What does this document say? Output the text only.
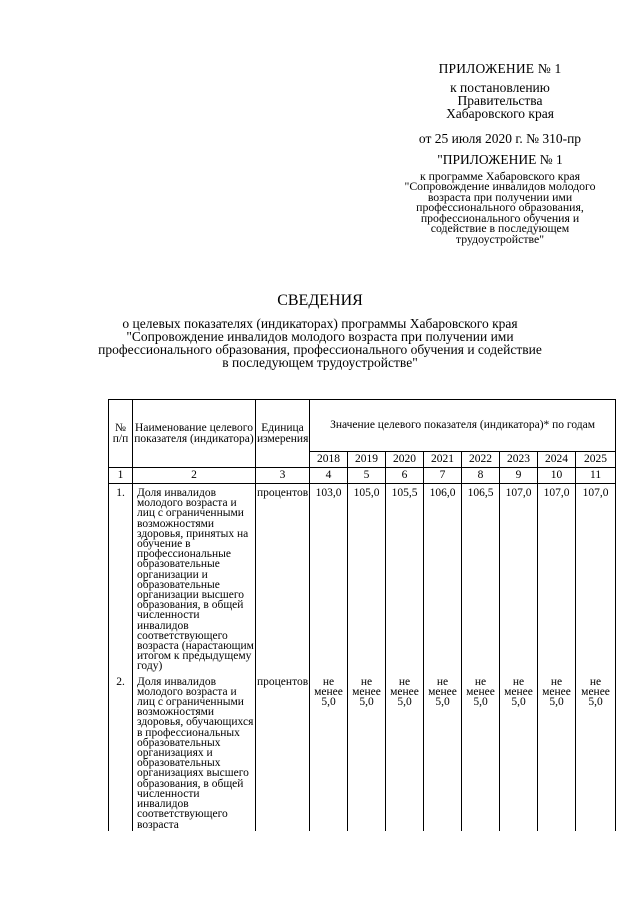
ПРИЛОЖЕНИЕ № 1
к постановлению
Правительства
Хабаровского края
от 25 июля 2020 г. № 310-пр
"ПРИЛОЖЕНИЕ № 1
к программе Хабаровского края
"Сопровождение инвалидов молодого
возраста при получении ими
профессионального образования,
профессионального обучения и
содействие в последующем
трудоустройстве"
СВЕДЕНИЯ
о целевых показателях (индикаторах) программы Хабаровского края
"Сопровождение инвалидов молодого возраста при получении ими
профессионального образования, профессионального обучения и содействие
в последующем трудоустройстве"
№ п/п	Наименование целевого показателя (индикатора)	Единица измерения	Значение целевого показателя (индикатора)* по годам							
			2018	2019	2020	2021	2022	2023	2024	2025
1	2	3	4	5	6	7	8	9	10	11
1.	Доля инвалидов молодого возраста и лиц с ограниченными возможностями здоровья, принятых на обучение в профессиональные образовательные организации и образовательные организации высшего образования, в общей численности инвалидов соответствующего возраста (нарастающим итогом к предыдущему году)	процентов	103,0	105,0	105,5	106,0	106,5	107,0	107,0	107,0
2.	Доля инвалидов молодого возраста и лиц с ограниченными возможностями здоровья, обучающихся в профессиональных образовательных организациях и образовательных организациях высшего образования, в общей численности инвалидов соответствующего возраста	процентов	не менее 5,0	не менее 5,0	не менее 5,0	не менее 5,0	не менее 5,0	не менее 5,0	не менее 5,0	не менее 5,0
